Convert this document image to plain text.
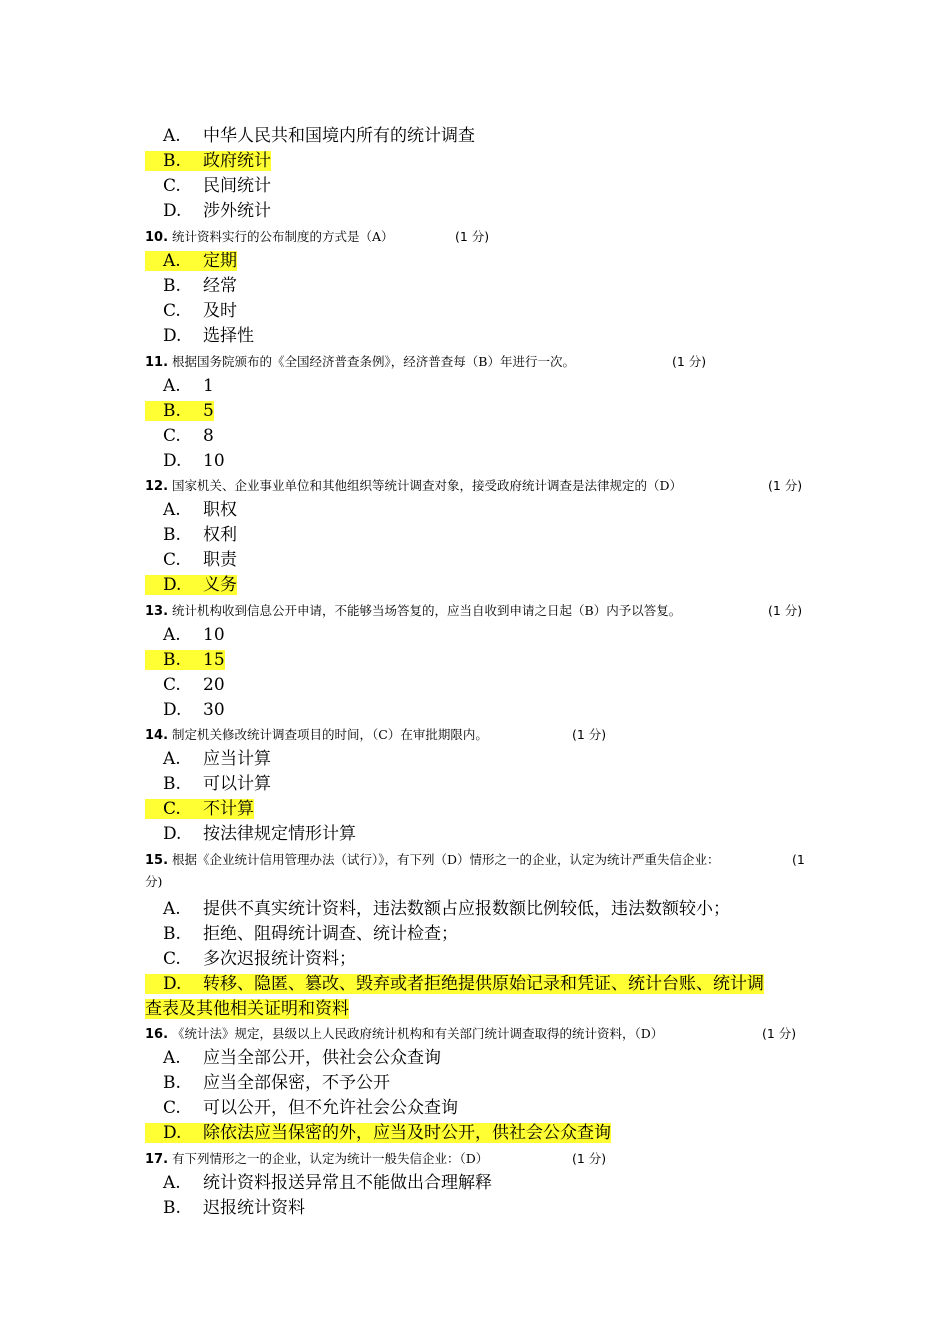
A. 中华人民共和国境内所有的统计调查
B. 政府统计
C. 民间统计
D. 涉外统计
10. 统计资料实行的公布制度的方式是（A）	(1 分)
A. 定期
B. 经常
C. 及时
D. 选择性
11. 根据国务院颁布的《全国经济普查条例》，经济普查每（B）年进行一次。	(1 分)
A. 1
B. 5
C. 8
D. 10
12. 国家机关、企业事业单位和其他组织等统计调查对象，接受政府统计调查是法律规定的（D）	(1 分)
A. 职权
B. 权利
C. 职责
D. 义务
13. 统计机构收到信息公开申请，不能够当场答复的，应当自收到申请之日起（B）内予以答复。	(1 分)
A. 10
B. 15
C. 20
D. 30
14. 制定机关修改统计调查项目的时间，（C）在审批期限内。	(1 分)
A. 应当计算
B. 可以计算
C. 不计算
D. 按法律规定情形计算
15. 根据《企业统计信用管理办法（试行）》，有下列（D）情形之一的企业，认定为统计严重失信企业：	(1
分)
A. 提供不真实统计资料，违法数额占应报数额比例较低，违法数额较小；
B. 拒绝、阻碍统计调查、统计检查；
C. 多次迟报统计资料；
D. 转移、隐匿、篡改、毁弃或者拒绝提供原始记录和凭证、统计台账、统计调
查表及其他相关证明和资料
16. 《统计法》规定，县级以上人民政府统计机构和有关部门统计调查取得的统计资料，（D）	(1 分)
A. 应当全部公开，供社会公众查询
B. 应当全部保密，不予公开
C. 可以公开，但不允许社会公众查询
D. 除依法应当保密的外，应当及时公开，供社会公众查询
17. 有下列情形之一的企业，认定为统计一般失信企业：（D）	(1 分)
A. 统计资料报送异常且不能做出合理解释
B. 迟报统计资料
